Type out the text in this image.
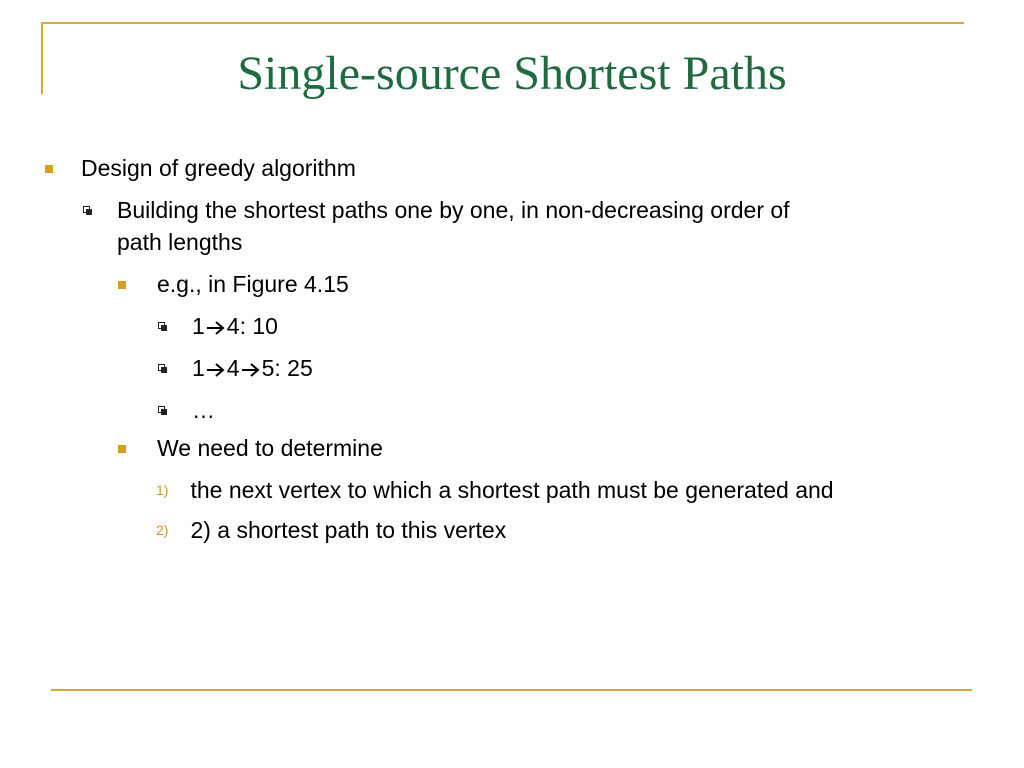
Single-source Shortest Paths
Design of greedy algorithm
Building the shortest paths one by one, in non-decreasing order of
path lengths
e.g., in Figure 4.15
1 4: 10
1 4 5: 25
…
We need to determine
1) the next vertex to which a shortest path must be generated and
2) 2) a shortest path to this vertex
